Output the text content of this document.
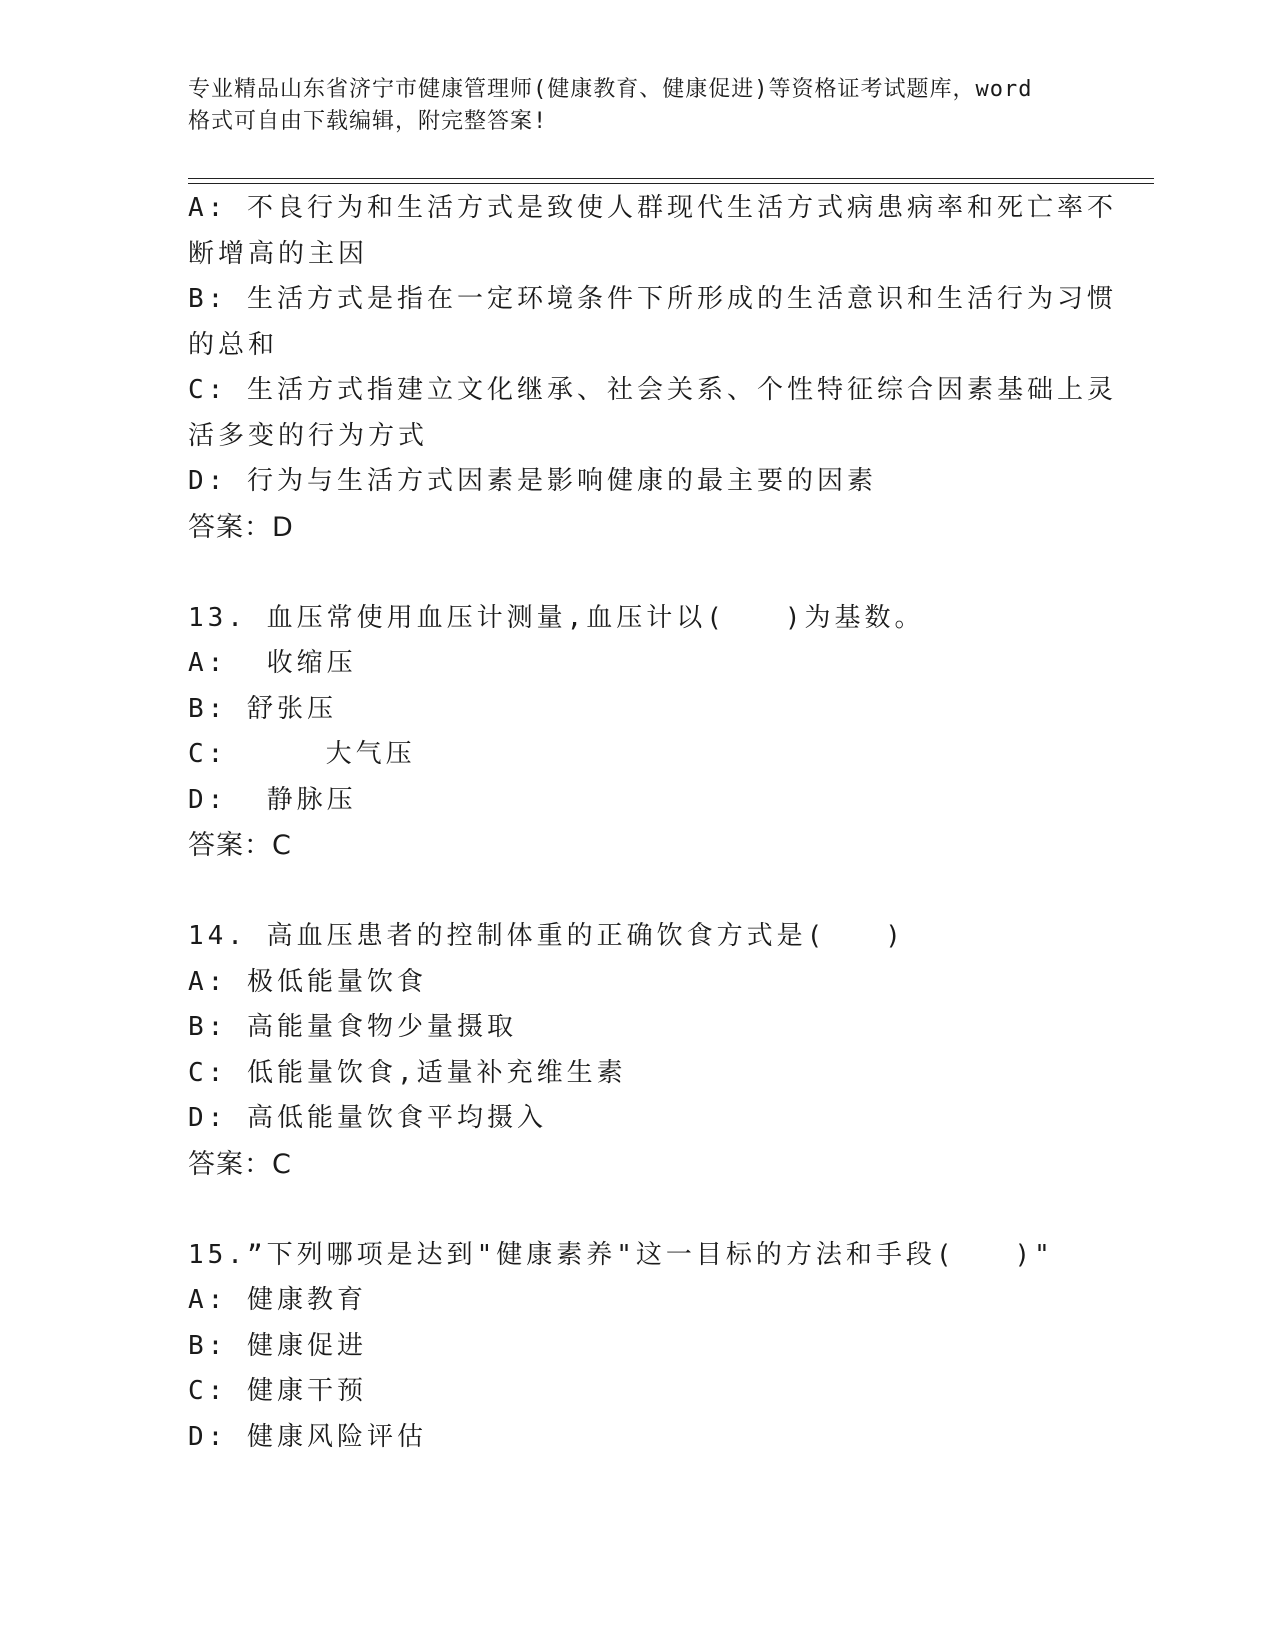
专业精品山东省济宁市健康管理师(健康教育、健康促进)等资格证考试题库，word
格式可自由下载编辑，附完整答案!
A: 不良行为和生活方式是致使人群现代生活方式病患病率和死亡率不
断增高的主因
B: 生活方式是指在一定环境条件下所形成的生活意识和生活行为习惯
的总和
C: 生活方式指建立文化继承、社会关系、个性特征综合因素基础上灵
活多变的行为方式
D: 行为与生活方式因素是影响健康的最主要的因素
答案：D
13. 血压常使用血压计测量,血压计以(   )为基数。
A:  收缩压
B: 舒张压
C:     大气压
D:  静脉压
答案：C
14. 高血压患者的控制体重的正确饮食方式是(   )
A: 极低能量饮食
B: 高能量食物少量摄取
C: 低能量饮食,适量补充维生素
D: 高低能量饮食平均摄入
答案：C
15.”下列哪项是达到"健康素养"这一目标的方法和手段(   )"
A: 健康教育
B: 健康促进
C: 健康干预
D: 健康风险评估
